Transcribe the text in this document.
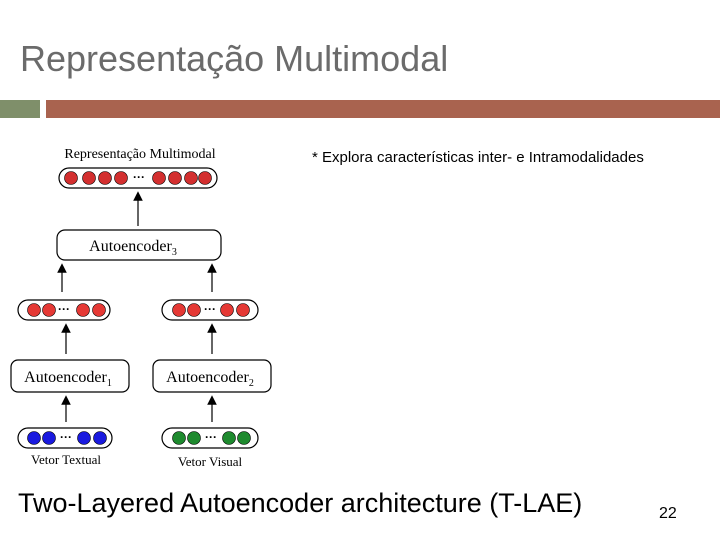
Representação Multimodal
* Explora características inter- e Intramodalidades
Representação Multimodal
···
Autoencoder$_3$
···	···
Autoencoder$_1$	Autoencoder$_2$
···
Vetor Textual
···
Vetor Visual
Two-Layered Autoencoder architecture (T-LAE)	22
